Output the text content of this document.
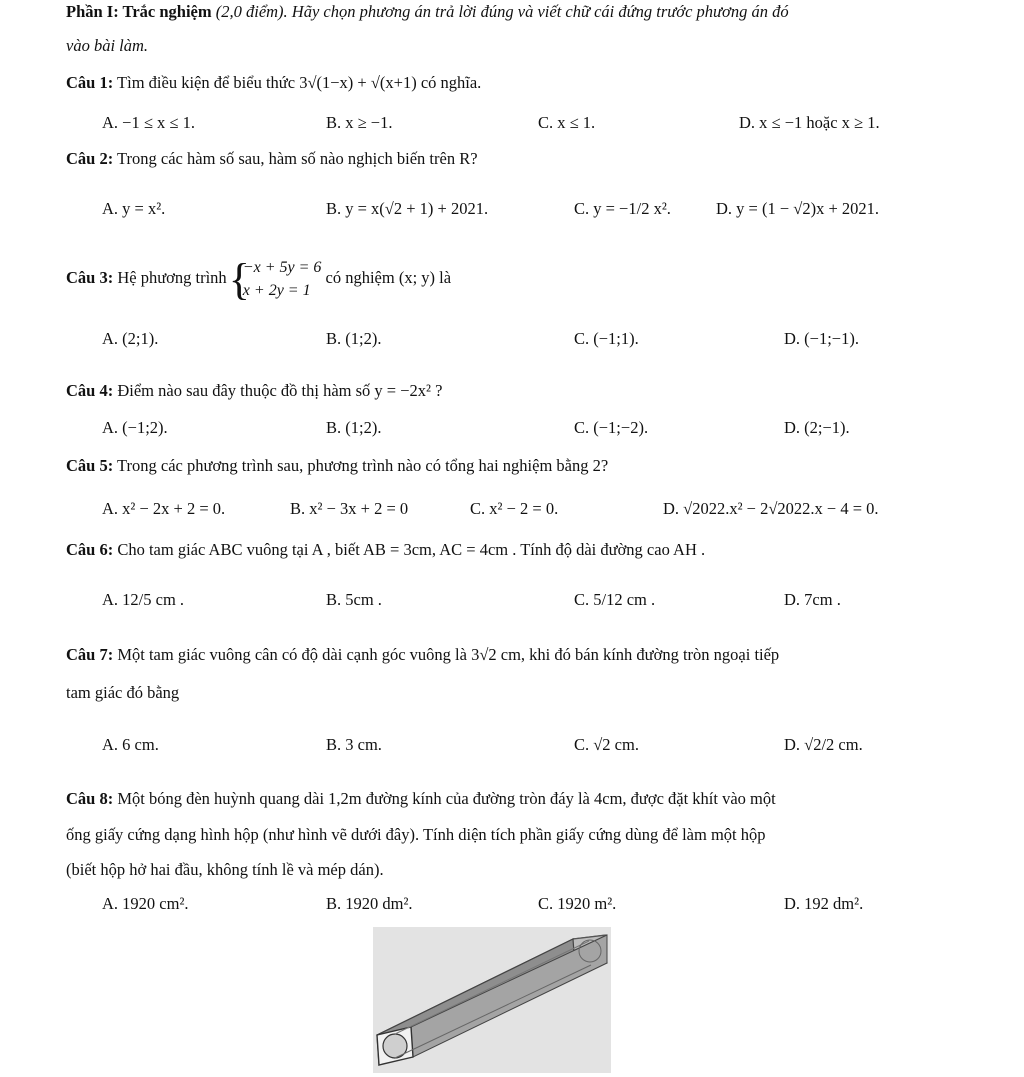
Phần I: Trắc nghiệm (2,0 điểm). Hãy chọn phương án trả lời đúng và viết chữ cái đứng trước phương án đó
vào bài làm.
Câu 1: Tìm điều kiện để biểu thức 3√(1−x) + √(x+1) có nghĩa.
A. −1 ≤ x ≤ 1.	B. x ≥ −1.	C. x ≤ 1.	D. x ≤ −1 hoặc x ≥ 1.
Câu 2: Trong các hàm số sau, hàm số nào nghịch biến trên R?
A. y = x².	B. y = x(√2 + 1) + 2021.	C. y = −1/2 x².	D. y = (1 − √2)x + 2021.
Câu 3: Hệ phương trình
{ −x + 5y = 6
x + 2y = 1
có nghiệm (x; y) là
A. (2;1).	B. (1;2).	C. (−1;1).	D. (−1;−1).
Câu 4: Điểm nào sau đây thuộc đồ thị hàm số y = −2x² ?
A. (−1;2).	B. (1;2).	C. (−1;−2).	D. (2;−1).
Câu 5: Trong các phương trình sau, phương trình nào có tổng hai nghiệm bằng 2?
A. x² − 2x + 2 = 0.	B. x² − 3x + 2 = 0	C. x² − 2 = 0.	D. √2022.x² − 2√2022.x − 4 = 0.
Câu 6: Cho tam giác ABC vuông tại A , biết AB = 3cm, AC = 4cm . Tính độ dài đường cao AH .
A. 12/5 cm .	B. 5cm .	C. 5/12 cm .	D. 7cm .
Câu 7: Một tam giác vuông cân có độ dài cạnh góc vuông là 3√2 cm, khi đó bán kính đường tròn ngoại tiếp
tam giác đó bằng
A. 6 cm.	B. 3 cm.	C. √2 cm.	D. √2/2 cm.
Câu 8: Một bóng đèn huỳnh quang dài 1,2m đường kính của đường tròn đáy là 4cm, được đặt khít vào một
ống giấy cứng dạng hình hộp (như hình vẽ dưới đây). Tính diện tích phần giấy cứng dùng để làm một hộp
(biết hộp hở hai đầu, không tính lề và mép dán).
A. 1920 cm².	B. 1920 dm².	C. 1920 m².	D. 192 dm².
